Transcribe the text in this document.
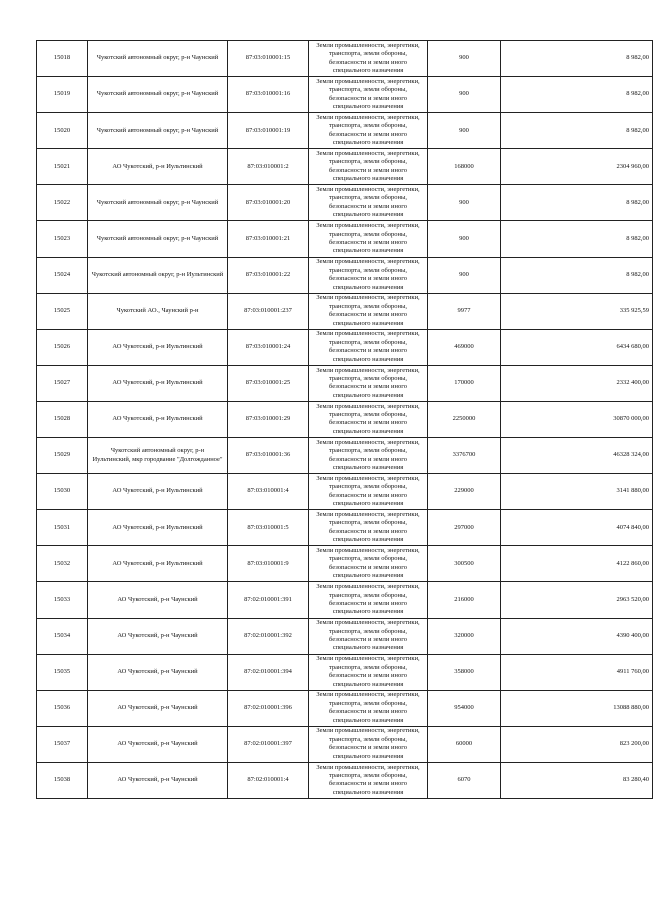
15018	Чукотский автономный округ, р-н Чаунский	87:03:010001:15	Земли промышленности, энергетики, транспорта, земли обороны, безопасности и земли иного специального назначения	900	8 982,00
15019	Чукотский автономный округ, р-н Чаунский	87:03:010001:16	Земли промышленности, энергетики, транспорта, земли обороны, безопасности и земли иного специального назначения	900	8 982,00
15020	Чукотский автономный округ, р-н Чаунский	87:03:010001:19	Земли промышленности, энергетики, транспорта, земли обороны, безопасности и земли иного специального назначения	900	8 982,00
15021	АО Чукотский, р-н Иультинский	87:03:010001:2	Земли промышленности, энергетики, транспорта, земли обороны, безопасности и земли иного специального назначения	168000	2304 960,00
15022	Чукотский автономный округ, р-н Чаунский	87:03:010001:20	Земли промышленности, энергетики, транспорта, земли обороны, безопасности и земли иного специального назначения	900	8 982,00
15023	Чукотский автономный округ, р-н Чаунский	87:03:010001:21	Земли промышленности, энергетики, транспорта, земли обороны, безопасности и земли иного специального назначения	900	8 982,00
15024	Чукотский автономный округ, р-н Иультинский	87:03:010001:22	Земли промышленности, энергетики, транспорта, земли обороны, безопасности и земли иного специального назначения	900	8 982,00
15025	Чукотский АО., Чаунский р-н	87:03:010001:237	Земли промышленности, энергетики, транспорта, земли обороны, безопасности и земли иного специального назначения	9977	335 925,59
15026	АО Чукотский, р-н Иультинский	87:03:010001:24	Земли промышленности, энергетики, транспорта, земли обороны, безопасности и земли иного специального назначения	469000	6434 680,00
15027	АО Чукотский, р-н Иультинский	87:03:010001:25	Земли промышленности, энергетики, транспорта, земли обороны, безопасности и земли иного специального назначения	170000	2332 400,00
15028	АО Чукотский, р-н Иультинский	87:03:010001:29	Земли промышленности, энергетики, транспорта, земли обороны, безопасности и земли иного специального назначения	2250000	30870 000,00
15029	Чукотский автономный округ, р-н Иультинский, мкр городвание "Долгожданное"	87:03:010001:36	Земли промышленности, энергетики, транспорта, земли обороны, безопасности и земли иного специального назначения	3376700	46328 324,00
15030	АО Чукотский, р-н Иультинский	87:03:010001:4	Земли промышленности, энергетики, транспорта, земли обороны, безопасности и земли иного специального назначения	229000	3141 880,00
15031	АО Чукотский, р-н Иультинский	87:03:010001:5	Земли промышленности, энергетики, транспорта, земли обороны, безопасности и земли иного специального назначения	297000	4074 840,00
15032	АО Чукотский, р-н Иультинский	87:03:010001:9	Земли промышленности, энергетики, транспорта, земли обороны, безопасности и земли иного специального назначения	300500	4122 860,00
15033	АО Чукотский, р-н Чаунский	87:02:010001:391	Земли промышленности, энергетики, транспорта, земли обороны, безопасности и земли иного специального назначения	216000	2963 520,00
15034	АО Чукотский, р-н Чаунский	87:02:010001:392	Земли промышленности, энергетики, транспорта, земли обороны, безопасности и земли иного специального назначения	320000	4390 400,00
15035	АО Чукотский, р-н Чаунский	87:02:010001:394	Земли промышленности, энергетики, транспорта, земли обороны, безопасности и земли иного специального назначения	358000	4911 760,00
15036	АО Чукотский, р-н Чаунский	87:02:010001:396	Земли промышленности, энергетики, транспорта, земли обороны, безопасности и земли иного специального назначения	954000	13088 880,00
15037	АО Чукотский, р-н Чаунский	87:02:010001:397	Земли промышленности, энергетики, транспорта, земли обороны, безопасности и земли иного специального назначения	60000	823 200,00
15038	АО Чукотский, р-н Чаунский	87:02:010001:4	Земли промышленности, энергетики, транспорта, земли обороны, безопасности и земли иного специального назначения	6070	83 280,40
